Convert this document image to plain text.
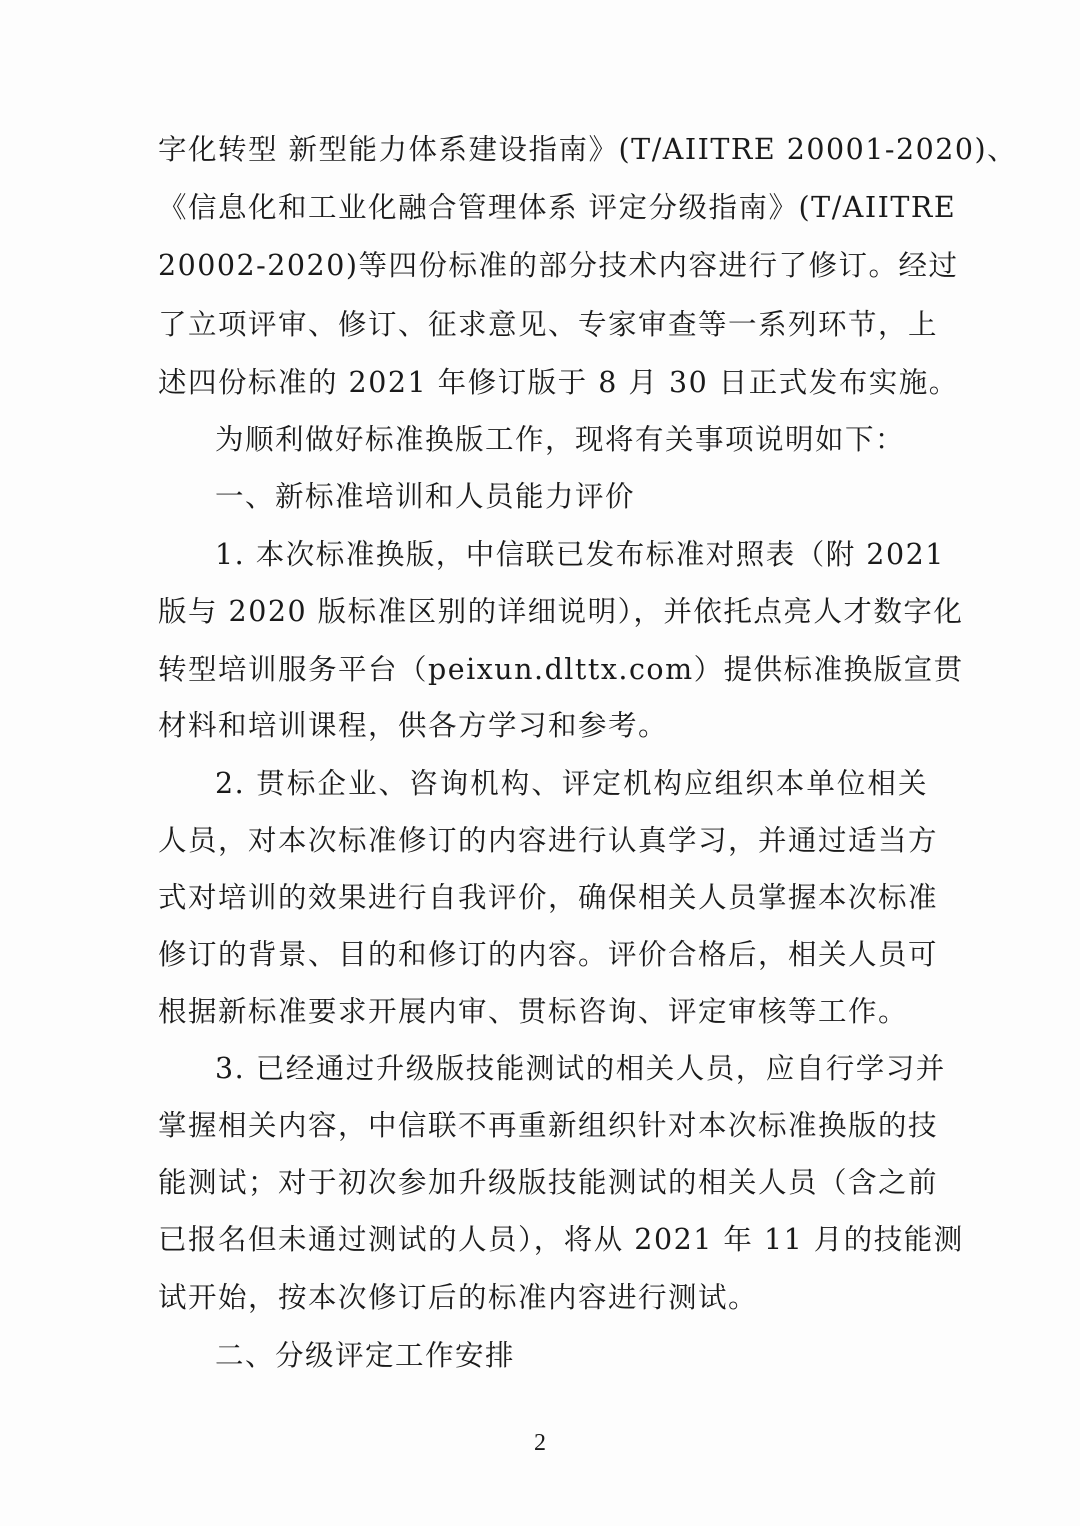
字化转型 新型能力体系建设指南》(T/AIITRE 20001-2020)、
《信息化和工业化融合管理体系 评定分级指南》(T/AIITRE
20002-2020)等四份标准的部分技术内容进行了修订。经过
了立项评审、修订、征求意见、专家审查等一系列环节，上
述四份标准的 2021 年修订版于 8 月 30 日正式发布实施。
为顺利做好标准换版工作，现将有关事项说明如下：
一、新标准培训和人员能力评价
1. 本次标准换版，中信联已发布标准对照表（附 2021
版与 2020 版标准区别的详细说明），并依托点亮人才数字化
转型培训服务平台（peixun.dlttx.com）提供标准换版宣贯
材料和培训课程，供各方学习和参考。
2. 贯标企业、咨询机构、评定机构应组织本单位相关
人员，对本次标准修订的内容进行认真学习，并通过适当方
式对培训的效果进行自我评价，确保相关人员掌握本次标准
修订的背景、目的和修订的内容。评价合格后，相关人员可
根据新标准要求开展内审、贯标咨询、评定审核等工作。
3. 已经通过升级版技能测试的相关人员，应自行学习并
掌握相关内容，中信联不再重新组织针对本次标准换版的技
能测试；对于初次参加升级版技能测试的相关人员（含之前
已报名但未通过测试的人员），将从 2021 年 11 月的技能测
试开始，按本次修订后的标准内容进行测试。
二、分级评定工作安排
2
